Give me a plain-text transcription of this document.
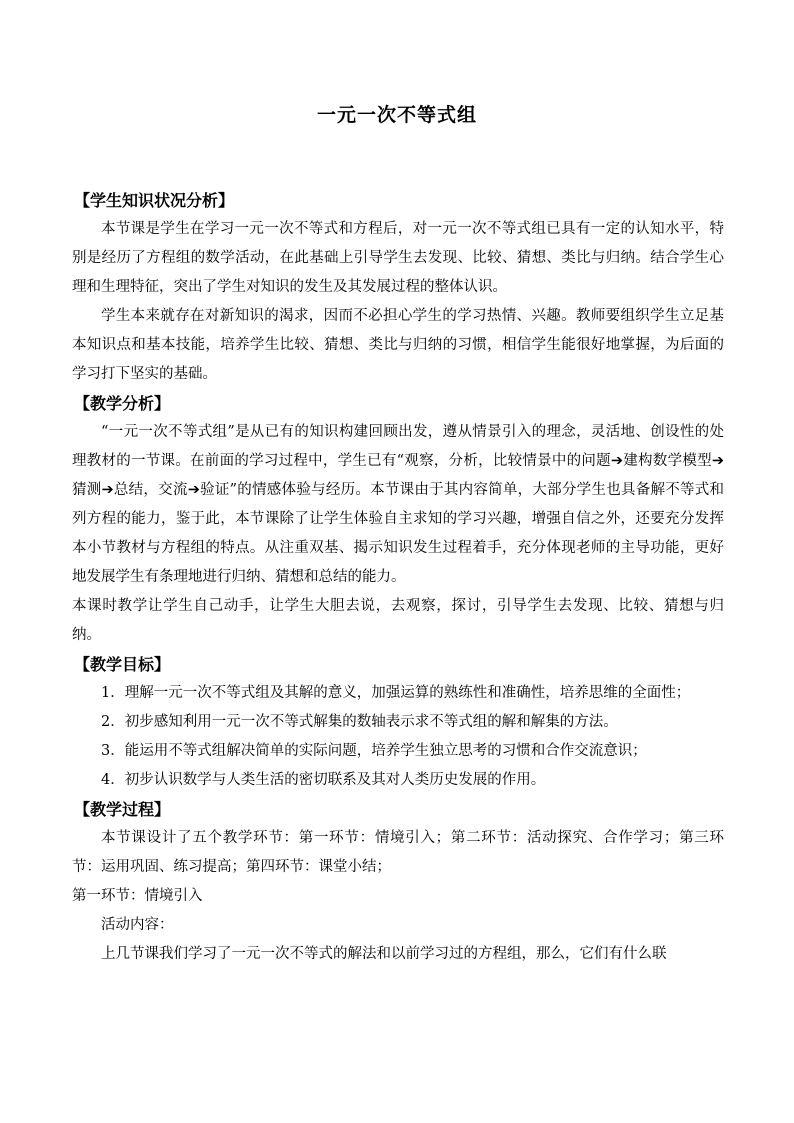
一元一次不等式组
【学生知识状况分析】
本节课是学生在学习一元一次不等式和方程后，对一元一次不等式组已具有一定的认知水平，特别是经历了方程组的数学活动，在此基础上引导学生去发现、比较、猜想、类比与归纳。结合学生心理和生理特征，突出了学生对知识的发生及其发展过程的整体认识。
学生本来就存在对新知识的渴求，因而不必担心学生的学习热情、兴趣。教师要组织学生立足基本知识点和基本技能，培养学生比较、猜想、类比与归纳的习惯，相信学生能很好地掌握，为后面的学习打下坚实的基础。
【教学分析】
“一元一次不等式组”是从已有的知识构建回顾出发，遵从情景引入的理念，灵活地、创设性的处理教材的一节课。在前面的学习过程中，学生已有“观察，分析，比较情景中的问题➔建构数学模型➔猜测➔总结，交流➔验证”的情感体验与经历。本节课由于其内容简单，大部分学生也具备解不等式和列方程的能力，鉴于此，本节课除了让学生体验自主求知的学习兴趣，增强自信之外，还要充分发挥本小节教材与方程组的特点。从注重双基、揭示知识发生过程着手，充分体现老师的主导功能，更好地发展学生有条理地进行归纳、猜想和总结的能力。
本课时教学让学生自己动手，让学生大胆去说，去观察，探讨，引导学生去发现、比较、猜想与归纳。
【教学目标】
1．理解一元一次不等式组及其解的意义，加强运算的熟练性和准确性，培养思维的全面性；
2．初步感知利用一元一次不等式解集的数轴表示求不等式组的解和解集的方法。
3．能运用不等式组解决简单的实际问题，培养学生独立思考的习惯和合作交流意识；
4．初步认识数学与人类生活的密切联系及其对人类历史发展的作用。
【教学过程】
本节课设计了五个教学环节：第一环节：情境引入；第二环节：活动探究、合作学习；第三环节：运用巩固、练习提高；第四环节：课堂小结；
第一环节：情境引入
活动内容：
上几节课我们学习了一元一次不等式的解法和以前学习过的方程组，那么，它们有什么联
